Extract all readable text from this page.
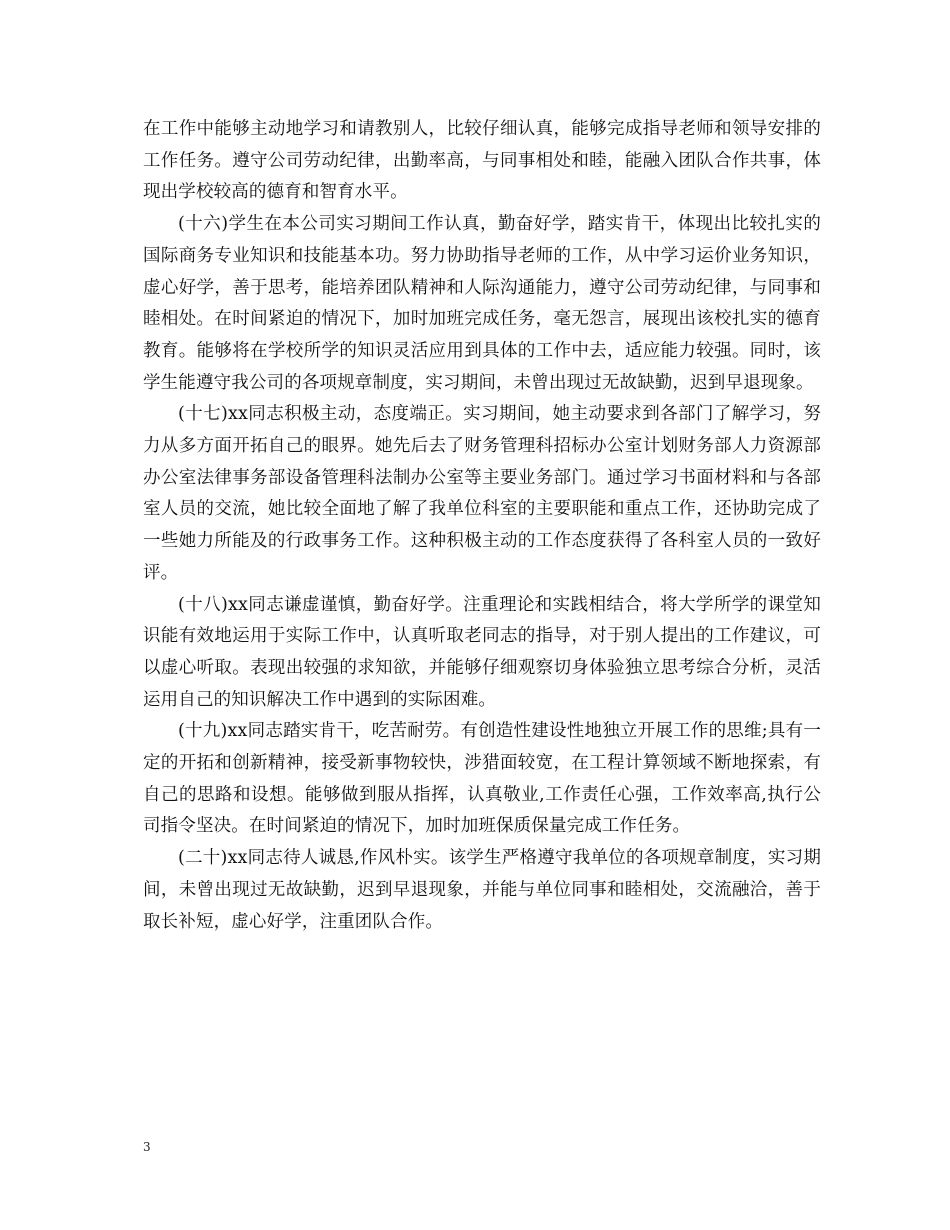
在工作中能够主动地学习和请教别人，比较仔细认真，能够完成指导老师和领导安排的工作任务。遵守公司劳动纪律，出勤率高，与同事相处和睦，能融入团队合作共事，体现出学校较高的德育和智育水平。

(十六)学生在本公司实习期间工作认真，勤奋好学，踏实肯干，体现出比较扎实的国际商务专业知识和技能基本功。努力协助指导老师的工作，从中学习运价业务知识，虚心好学，善于思考，能培养团队精神和人际沟通能力，遵守公司劳动纪律，与同事和睦相处。在时间紧迫的情况下，加时加班完成任务，毫无怨言，展现出该校扎实的德育教育。能够将在学校所学的知识灵活应用到具体的工作中去，适应能力较强。同时，该学生能遵守我公司的各项规章制度，实习期间，未曾出现过无故缺勤，迟到早退现象。

(十七)xx同志积极主动，态度端正。实习期间，她主动要求到各部门了解学习，努力从多方面开拓自己的眼界。她先后去了财务管理科招标办公室计划财务部人力资源部办公室法律事务部设备管理科法制办公室等主要业务部门。通过学习书面材料和与各部室人员的交流，她比较全面地了解了我单位科室的主要职能和重点工作，还协助完成了一些她力所能及的行政事务工作。这种积极主动的工作态度获得了各科室人员的一致好评。

(十八)xx同志谦虚谨慎，勤奋好学。注重理论和实践相结合，将大学所学的课堂知识能有效地运用于实际工作中，认真听取老同志的指导，对于别人提出的工作建议，可以虚心听取。表现出较强的求知欲，并能够仔细观察切身体验独立思考综合分析，灵活运用自己的知识解决工作中遇到的实际困难。

(十九)xx同志踏实肯干，吃苦耐劳。有创造性建设性地独立开展工作的思维;具有一定的开拓和创新精神，接受新事物较快，涉猎面较宽，在工程计算领域不断地探索，有自己的思路和设想。能够做到服从指挥，认真敬业,工作责任心强，工作效率高,执行公司指令坚决。在时间紧迫的情况下，加时加班保质保量完成工作任务。

(二十)xx同志待人诚恳,作风朴实。该学生严格遵守我单位的各项规章制度，实习期间，未曾出现过无故缺勤，迟到早退现象，并能与单位同事和睦相处，交流融洽，善于取长补短，虚心好学，注重团队合作。

3
